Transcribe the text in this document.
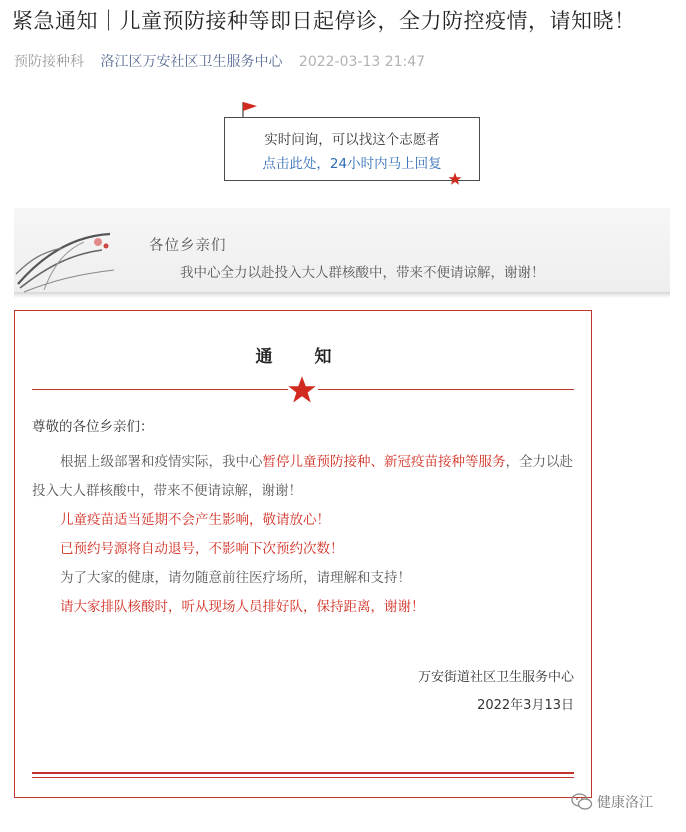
紧急通知｜儿童预防接种等即日起停诊，全力防控疫情，请知晓！
预防接种科 洛江区万安社区卫生服务中心 2022-03-13 21:47
实时问询，可以找这个志愿者
点击此处，24小时内马上回复
各位乡亲们
我中心全力以赴投入大人群核酸中，带来不便请谅解，谢谢！
通 知
尊敬的各位乡亲们：
根据上级部署和疫情实际，我中心暂停儿童预防接种、新冠疫苗接种等服务，全力以赴投入大人群核酸中，带来不便请谅解，谢谢！
儿童疫苗适当延期不会产生影响，敬请放心！
已预约号源将自动退号，不影响下次预约次数！
为了大家的健康，请勿随意前往医疗场所，请理解和支持！
请大家排队核酸时，听从现场人员排好队，保持距离，谢谢！
万安街道社区卫生服务中心
2022年3月13日
健康洛江
